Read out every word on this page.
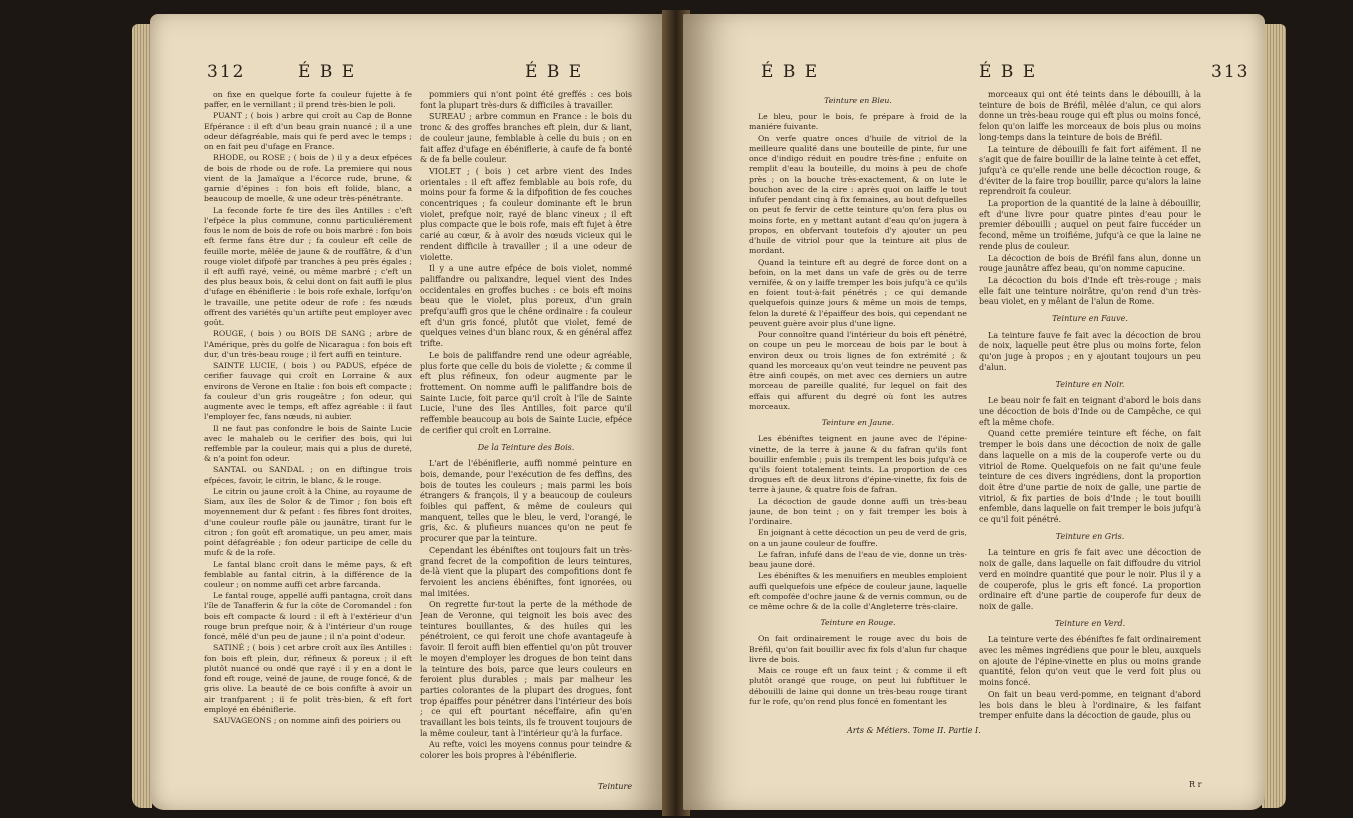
312	É B E	É B E

on fixe en quelque forte fa couleur fujette à fe paffer, en le vernillant ; il prend très-bien le poli.

PUANT ; ( bois ) arbre qui croît au Cap de Bonne Efpérance : il eft d'un beau grain nuancé ; il a une odeur défagréable, mais qui fe perd avec le temps ; on en fait peu d'ufage en France.

RHODE, ou ROSE ; ( bois de ) il y a deux efpéces de bois de rhode ou de rofe. La premiere qui nous vient de la Jamaïque a l'écorce rude, brune, & garnie d'épines : fon bois eft folide, blanc, a beaucoup de moelle, & une odeur très-pénétrante.

La feconde forte fe tire des îles Antilles : c'eft l'efpéce la plus commune, connu particuliérement fous le nom de bois de rofe ou bois marbré : fon bois eft ferme fans être dur ; fa couleur eft celle de feuille morte, mêlée de jaune & de rouffâtre, & d'un rouge violet difpofé par tranches à peu près égales ; il eft auffi rayé, veiné, ou même marbré ; c'eft un des plus beaux bois, & celui dont on fait auffi le plus d'ufage en ébéniflerie : le bois rofe exhale, lorfqu'on le travaille, une petite odeur de rofe : fes nœuds offrent des variétés qu'un artifte peut employer avec goût.

ROUGE, ( bois ) ou BOIS DE SANG ; arbre de l'Amérique, près du golfe de Nicaragua : fon bois eft dur, d'un très-beau rouge ; il fert auffi en teinture.

SAINTE LUCIE, ( bois ) ou PADUS, efpéce de cerifier fauvage qui croît en Lorraine & aux environs de Verone en Italie : fon bois eft compacte ; fa couleur d'un gris rougeâtre ; fon odeur, qui augmente avec le temps, eft affez agréable : il faut l'employer fec, fans nœuds, ni aubier.

Il ne faut pas confondre le bois de Sainte Lucie avec le mahaleb ou le cerifier des bois, qui lui reffemble par la couleur, mais qui a plus de dureté, & n'a point fon odeur.

SANTAL ou SANDAL ; on en diftingue trois efpéces, favoir, le citrin, le blanc, & le rouge.

Le citrin ou jaune croît à la Chine, au royaume de Siam, aux îles de Solor & de Timor ; fon bois eft moyennement dur & pefant : fes fibres font droites, d'une couleur roufle pâle ou jaunâtre, tirant fur le citron ; fon goût eft aromatique, un peu amer, mais point défagréable ; fon odeur participe de celle du mufc & de la rofe.

Le fantal blanc croît dans le même pays, & eft femblable au fantal citrin, à la différence de la couleur ; on nomme auffi cet arbre farcanda.

Le fantal rouge, appellé auffi pantagna, croît dans l'île de Tanafferin & fur la côte de Coromandel : fon bois eft compacte & lourd : il eft à l'extérieur d'un rouge brun prefque noir, & à l'intérieur d'un rouge foncé, mêlé d'un peu de jaune ; il n'a point d'odeur.

SATINÉ ; ( bois ) cet arbre croît aux îles Antilles : fon bois eft plein, dur, réfineux & poreux ; il eft plutôt nuancé ou ondé que rayé : il y en a dont le fond eft rouge, veiné de jaune, de rouge foncé, & de gris olive. La beauté de ce bois confifte à avoir un air tranfparent ; il fe polit très-bien, & eft fort employé en ébéniflerie.

SAUVAGEONS ; on nomme ainfi des poiriers ou

pommiers qui n'ont point été greffés : ces bois font la plupart très-durs & difficiles à travailler.

SUREAU ; arbre commun en France : le bois du tronc & des groffes branches eft plein, dur & liant, de couleur jaune, femblable à celle du buis ; on en fait affez d'ufage en ébéniflerie, à caufe de fa bonté & de fa belle couleur.

VIOLET ; ( bois ) cet arbre vient des Indes orientales : il eft affez femblable au bois rofe, du moins pour fa forme & la difpofition de fes couches concentriques ; fa couleur dominante eft le brun violet, prefque noir, rayé de blanc vineux ; il eft plus compacte que le bois rofe, mais eft fujet à être carié au cœur, & à avoir des nœuds vicieux qui le rendent difficile à travailler ; il a une odeur de violette.

Il y a une autre efpéce de bois violet, nommé paliffandre ou palixandre, lequel vient des Indes occidentales en groffes buches : ce bois eft moins beau que le violet, plus poreux, d'un grain prefqu'auffi gros que le chêne ordinaire : fa couleur eft d'un gris foncé, plutôt que violet, femé de quelques veines d'un blanc roux, & en général affez trifte.

Le bois de paliffandre rend une odeur agréable, plus forte que celle du bois de violette ; & comme il eft plus réfineux, fon odeur augmente par le frottement. On nomme auffi le paliffandre bois de Sainte Lucie, foit parce qu'il croît à l'île de Sainte Lucie, l'une des îles Antilles, foit parce qu'il reffemble beaucoup au bois de Sainte Lucie, efpéce de cerifier qui croît en Lorraine.

De la Teinture des Bois.

L'art de l'ébéniflerie, auffi nommé peinture en bois, demande, pour l'exécution de fes deffins, des bois de toutes les couleurs ; mais parmi les bois étrangers & françois, il y a beaucoup de couleurs foibles qui paffent, & même de couleurs qui manquent, telles que le bleu, le verd, l'orangé, le gris, &c. & plufieurs nuances qu'on ne peut fe procurer que par la teinture.

Cependant les ébéniftes ont toujours fait un très-grand fecret de la compofition de leurs teintures, de-là vient que la plupart des compofitions dont fe fervoient les anciens ébéniftes, font ignorées, ou mal imitées.

On regrette fur-tout la perte de la méthode de Jean de Veronne, qui teignoit les bois avec des teintures bouillantes, & des huiles qui les pénétroient, ce qui feroit une chofe avantageufe à favoir. Il feroit auffi bien effentiel qu'on pût trouver le moyen d'employer les drogues de bon teint dans la teinture des bois, parce que leurs couleurs en feroient plus durables ; mais par malheur les parties colorantes de la plupart des drogues, font trop épaiffes pour pénétrer dans l'intérieur des bois ; ce qui eft pourtant néceffaire, afin qu'en travaillant les bois teints, ils fe trouvent toujours de la même couleur, tant à l'intérieur qu'à la furface.

Au refte, voici les moyens connus pour teindre & colorer les bois propres à l'ébéniflerie.

Teinture
É B E	É B E	313

Teinture en Bleu.

Le bleu, pour le bois, fe prépare à froid de la maniére fuivante.

On verfe quatre onces d'huile de vitriol de la meilleure qualité dans une bouteille de pinte, fur une once d'indigo réduit en poudre très-fine ; enfuite on remplit d'eau la bouteille, du moins à peu de chofe près ; on la bouche très-exactement, & on lute le bouchon avec de la cire : après quoi on laiffe le tout infufer pendant cinq à fix femaines, au bout defquelles on peut fe fervir de cette teinture qu'on fera plus ou moins forte, en y mettant autant d'eau qu'on jugera à propos, en obfervant toutefois d'y ajouter un peu d'huile de vitriol pour que la teinture ait plus de mordant.

Quand la teinture eft au degré de force dont on a befoin, on la met dans un vafe de grès ou de terre vernifée, & on y laiffe tremper les bois jufqu'à ce qu'ils en foient tout-à-fait pénétrés ; ce qui demande quelquefois quinze jours & même un mois de temps, felon la dureté & l'épaiffeur des bois, qui cependant ne peuvent guère avoir plus d'une ligne.

Pour connoître quand l'intérieur du bois eft pénétré, on coupe un peu le morceau de bois par le bout à environ deux ou trois lignes de fon extrémité ; & quand les morceaux qu'on veut teindre ne peuvent pas être ainfi coupés, on met avec ces derniers un autre morceau de pareille qualité, fur lequel on fait des effais qui affurent du degré où font les autres morceaux.

Teinture en Jaune.

Les ébéniftes teignent en jaune avec de l'épine-vinette, de la terre à jaune & du fafran qu'ils font bouillir enfemble ; puis ils trempent les bois jufqu'à ce qu'ils foient totalement teints. La proportion de ces drogues eft de deux litrons d'épine-vinette, fix fois de terre à jaune, & quatre fois de fafran.

La décoction de gaude donne auffi un très-beau jaune, de bon teint ; on y fait tremper les bois à l'ordinaire.

En joignant à cette décoction un peu de verd de gris, on a un jaune couleur de fouffre.

Le fafran, infufé dans de l'eau de vie, donne un très-beau jaune doré.

Les ébéniftes & les menuifiers en meubles emploient auffi quelquefois une efpéce de couleur jaune, laquelle eft compofée d'ochre jaune & de vernis commun, ou de ce même ochre & de la colle d'Angleterre très-claire.

Teinture en Rouge.

On fait ordinairement le rouge avec du bois de Bréfil, qu'on fait bouillir avec fix fols d'alun fur chaque livre de bois.

Mais ce rouge eft un faux teint ; & comme il eft plutôt orangé que rouge, on peut lui fubftituer le débouilli de laine qui donne un très-beau rouge tirant fur le rofe, qu'on rend plus foncé en fomentant les

morceaux qui ont été teints dans le débouilli, à la teinture de bois de Bréfil, mêlée d'alun, ce qui alors donne un très-beau rouge qui eft plus ou moins foncé, felon qu'on laiffe les morceaux de bois plus ou moins long-temps dans la teinture de bois de Bréfil.

La teinture de débouilli fe fait fort aifément. Il ne s'agit que de faire bouillir de la laine teinte à cet effet, jufqu'à ce qu'elle rende une belle décoction rouge, & d'éviter de la faire trop bouillir, parce qu'alors la laine reprendroit fa couleur.

La proportion de la quantité de la laine à débouillir, eft d'une livre pour quatre pintes d'eau pour le premier débouilli ; auquel on peut faire fuccéder un fecond, même un troifiéme, jufqu'à ce que la laine ne rende plus de couleur.

La décoction de bois de Bréfil fans alun, donne un rouge jaunâtre affez beau, qu'on nomme capucine.

La décoction du bois d'Inde eft très-rouge ; mais elle fait une teinture noirâtre, qu'on rend d'un très-beau violet, en y mêlant de l'alun de Rome.

Teinture en Fauve.

La teinture fauve fe fait avec la décoction de brou de noix, laquelle peut être plus ou moins forte, felon qu'on juge à propos ; en y ajoutant toujours un peu d'alun.

Teinture en Noir.

Le beau noir fe fait en teignant d'abord le bois dans une décoction de bois d'Inde ou de Campêche, ce qui eft la même chofe.

Quand cette premiére teinture eft féche, on fait tremper le bois dans une décoction de noix de galle dans laquelle on a mis de la couperofe verte ou du vitriol de Rome. Quelquefois on ne fait qu'une feule teinture de ces divers ingrédiens, dont la proportion doit être d'une partie de noix de galle, une partie de vitriol, & fix parties de bois d'Inde ; le tout bouilli enfemble, dans laquelle on fait tremper le bois jufqu'à ce qu'il foit pénétré.

Teinture en Gris.

La teinture en gris fe fait avec une décoction de noix de galle, dans laquelle on fait diffoudre du vitriol verd en moindre quantité que pour le noir. Plus il y a de couperofe, plus le gris eft foncé. La proportion ordinaire eft d'une partie de couperofe fur deux de noix de galle.

Teinture en Verd.

La teinture verte des ébéniftes fe fait ordinairement avec les mêmes ingrédiens que pour le bleu, auxquels on ajoute de l'épine-vinette en plus ou moins grande quantité, felon qu'on veut que le verd foit plus ou moins foncé.

On fait un beau verd-pomme, en teignant d'abord les bois dans le bleu à l'ordinaire, & les faifant tremper enfuite dans la décoction de gaude, plus ou

Arts & Métiers. Tome II. Partie I.
R r
